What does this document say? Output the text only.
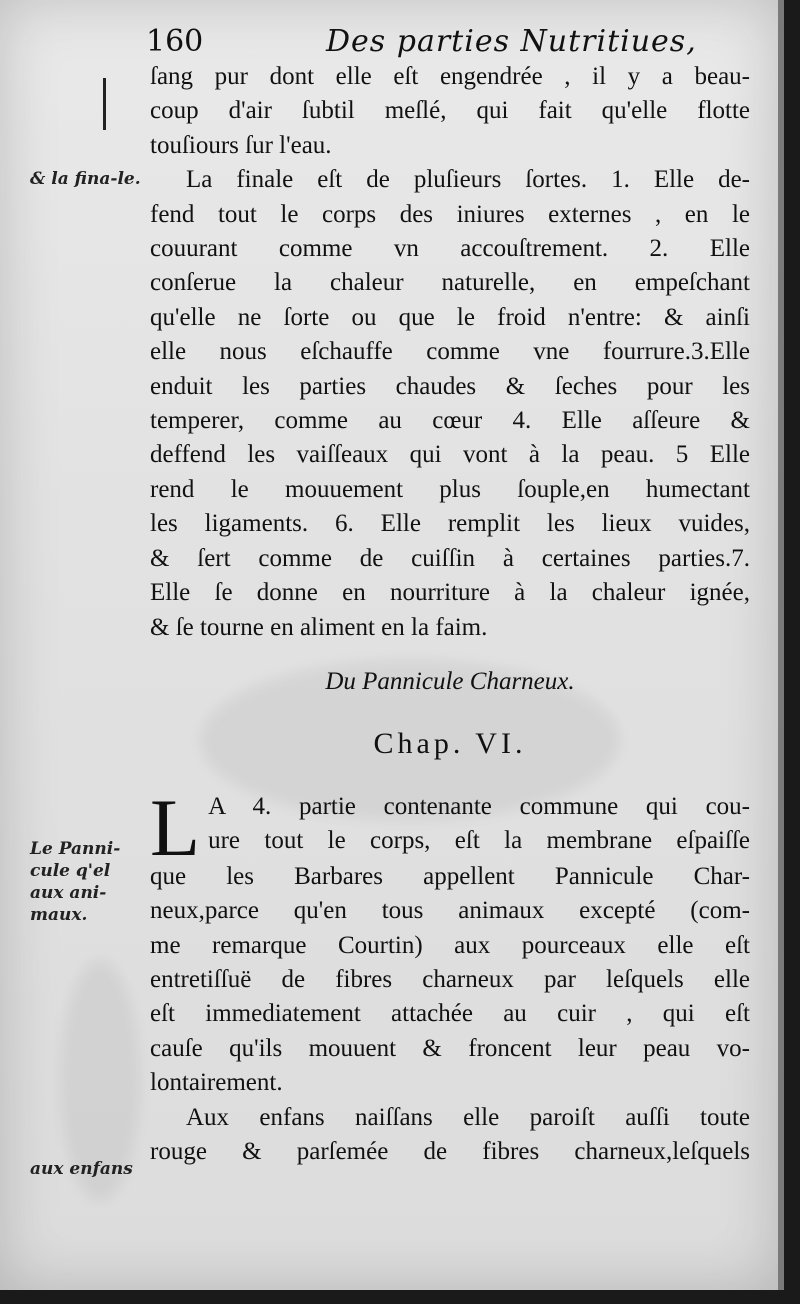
160	Des parties Nutritiues,
& la fina-le.
Le Panni-cule q'el aux ani-maux.
aux enfans
ſang pur dont elle eſt engendrée , il y a beau-
coup d'air ſubtil meſlé, qui fait qu'elle flotte
touſiours ſur l'eau.
La finale eſt de pluſieurs ſortes. 1. Elle de-
fend tout le corps des iniures externes , en le
couurant comme vn accouſtrement. 2. Elle
conſerue la chaleur naturelle, en empeſchant
qu'elle ne ſorte ou que le froid n'entre: & ainſi
elle nous eſchauffe comme vne fourrure.3.Elle
enduit les parties chaudes & ſeches pour les
temperer, comme au cœur 4. Elle aſſeure &
deffend les vaiſſeaux qui vont à la peau. 5 Elle
rend le mouuement plus ſouple,en humectant
les ligaments. 6. Elle remplit les lieux vuides,
& ſert comme de cuiſſin à certaines parties.7.
Elle ſe donne en nourriture à la chaleur ignée,
& ſe tourne en aliment en la faim.
Du Pannicule Charneux.
Chap. VI.
L A 4. partie contenante commune qui cou-
ure tout le corps, eſt la membrane eſpaiſſe
que les Barbares appellent Pannicule Char-
neux,parce qu'en tous animaux excepté (com-
me remarque Courtin) aux pourceaux elle eſt
entretiſſuë de fibres charneux par leſquels elle
eſt immediatement attachée au cuir , qui eſt
cauſe qu'ils mouuent & froncent leur peau vo-
lontairement.
Aux enfans naiſſans elle paroiſt auſſi toute
rouge & parſemée de fibres charneux,leſquels
